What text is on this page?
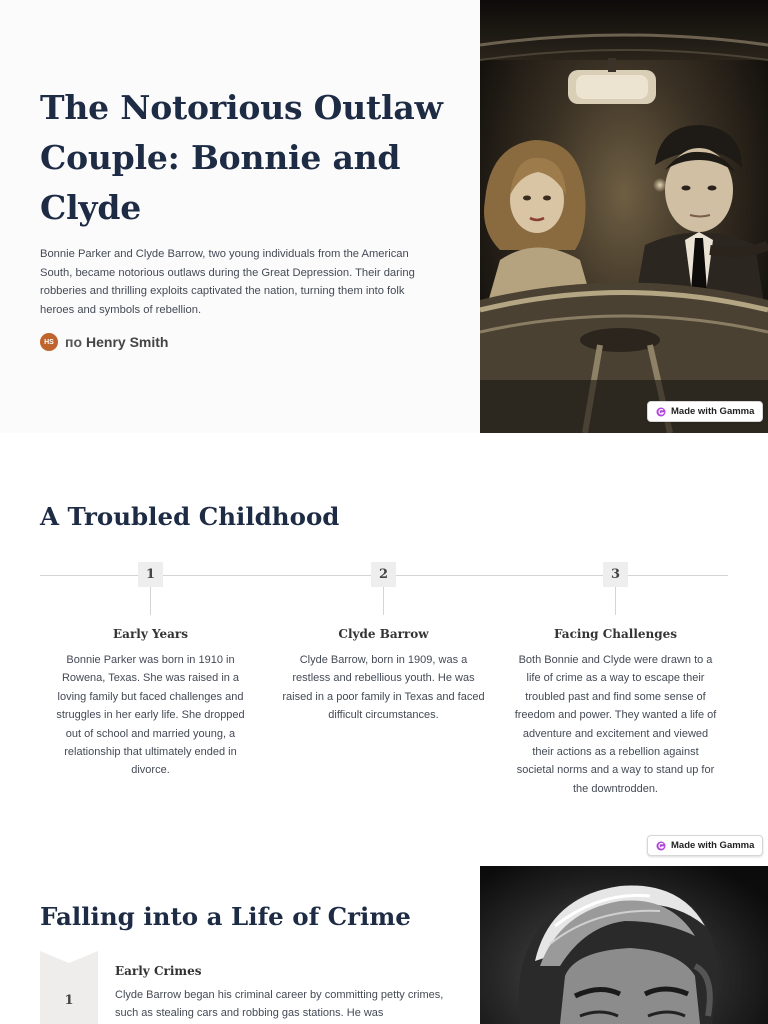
The Notorious Outlaw Couple: Bonnie and Clyde

Bonnie Parker and Clyde Barrow, two young individuals from the American South, became notorious outlaws during the Great Depression. Their daring robberies and thrilling exploits captivated the nation, turning them into folk heroes and symbols of rebellion.

HS по Henry Smith
Made with Gamma
A Troubled Childhood
1
Early Years

Bonnie Parker was born in 1910 in Rowena, Texas. She was raised in a loving family but faced challenges and struggles in her early life. She dropped out of school and married young, a relationship that ultimately ended in divorce.

2
Clyde Barrow

Clyde Barrow, born in 1909, was a restless and rebellious youth. He was raised in a poor family in Texas and faced difficult circumstances.

3
Facing Challenges

Both Bonnie and Clyde were drawn to a life of crime as a way to escape their troubled past and find some sense of freedom and power. They wanted a life of adventure and excitement and viewed their actions as a rebellion against societal norms and a way to stand up for the downtrodden.

Made with Gamma
Falling into a Life of Crime
1
Early Crimes

Clyde Barrow began his criminal career by committing petty crimes, such as stealing cars and robbing gas stations. He was
